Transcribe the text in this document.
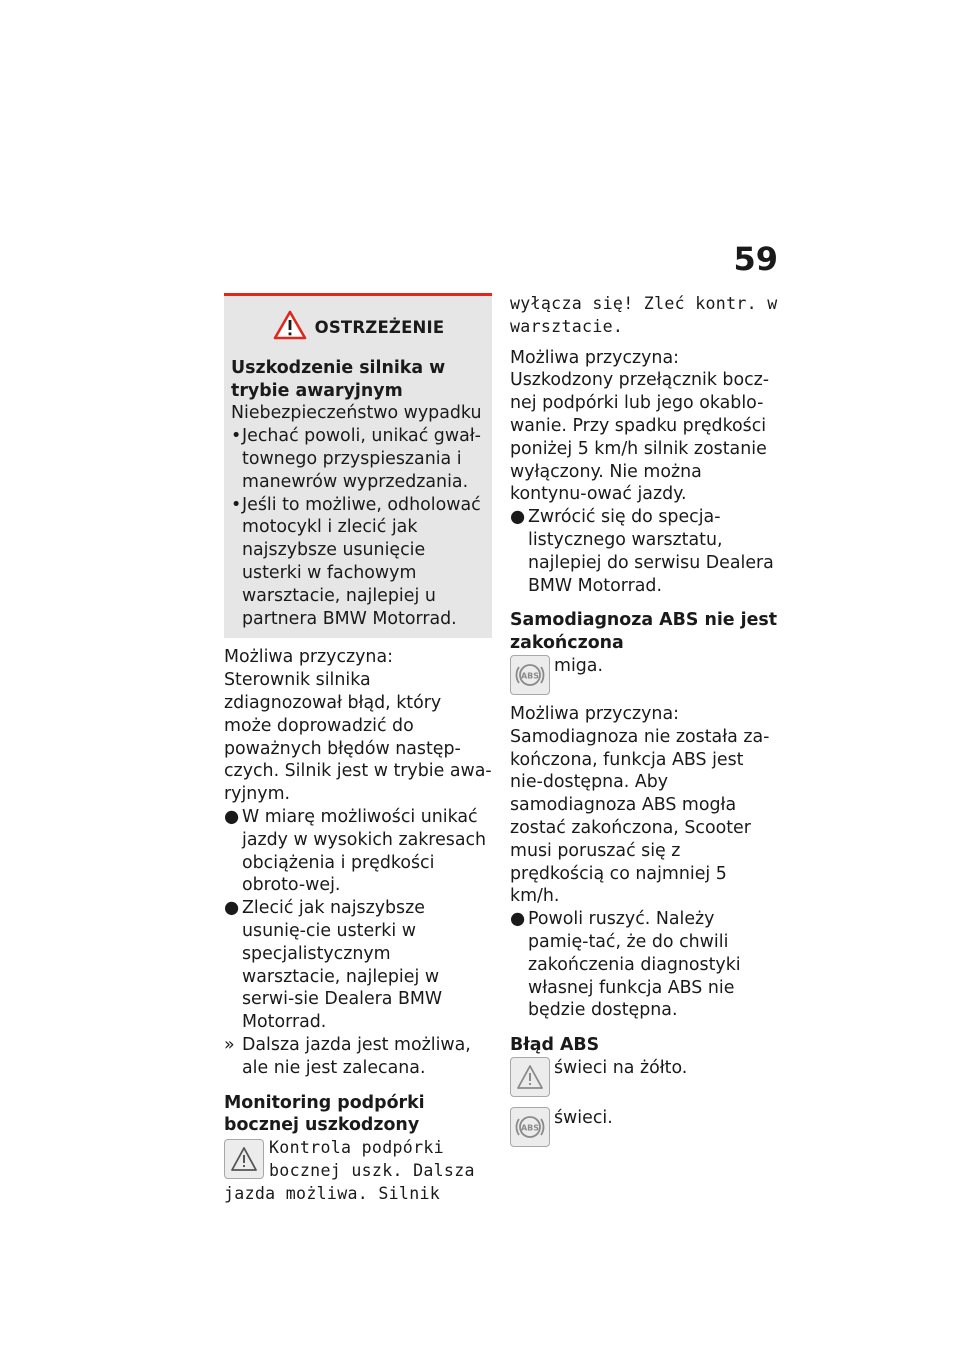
59
OSTRZEŻENIE
Uszkodzenie silnika w trybie awaryjnym
Niebezpieczeństwo wypadku
• Jechać powoli, unikać gwał-townego przyspieszania i manewrów wyprzedzania.
• Jeśli to możliwe, odholować motocykl i zlecić jak najszybsze usunięcie usterki w fachowym warsztacie, najlepiej u partnera BMW Motorrad.
Możliwa przyczyna:
Sterownik silnika zdiagnozował błąd, który może doprowadzić do poważnych błędów następ-czych. Silnik jest w trybie awa-ryjnym.
● W miarę możliwości unikać jazdy w wysokich zakresach obciążenia i prędkości obroto-wej.
● Zlecić jak najszybsze usunię-cie usterki w specjalistycznym warsztacie, najlepiej w serwi-sie Dealera BMW Motorrad.
» Dalsza jazda jest możliwa, ale nie jest zalecana.
Monitoring podpórki bocznej uszkodzony
Kontrola podpórki bocznej uszk. Dalsza jazda możliwa. Silnik
wyłącza się! Zleć kontr. w warsztacie.
Możliwa przyczyna:
Uszkodzony przełącznik bocz-nej podpórki lub jego okablo-wanie. Przy spadku prędkości poniżej 5 km/h silnik zostanie wyłączony. Nie można kontynu-ować jazdy.
● Zwrócić się do specja-listycznego warsztatu, najlepiej do serwisu Dealera BMW Motorrad.
Samodiagnoza ABS nie jest zakończona
ABS miga.
Możliwa przyczyna:
Samodiagnoza nie została za-kończona, funkcja ABS jest nie-dostępna. Aby samodiagnoza ABS mogła zostać zakończona, Scooter musi poruszać się z prędkością co najmniej 5 km/h.
● Powoli ruszyć. Należy pamię-tać, że do chwili zakończenia diagnostyki własnej funkcja ABS nie będzie dostępna.
Błąd ABS
świeci na żółto.
ABS świeci.
